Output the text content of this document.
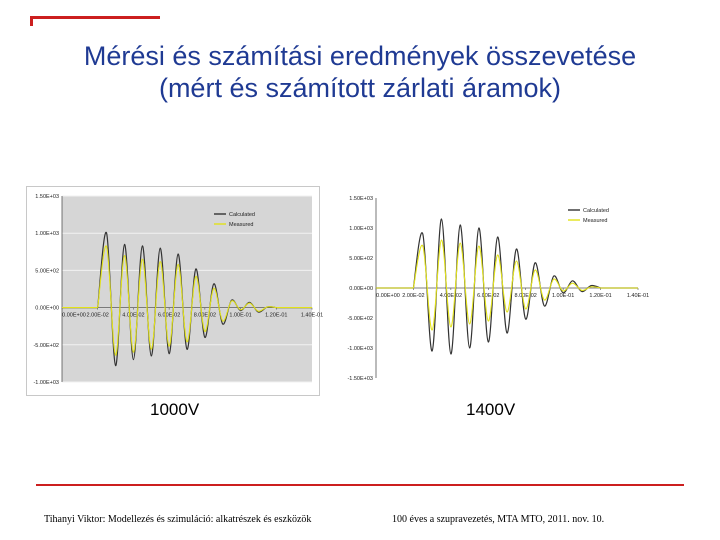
Mérési és számítási eredmények összevetése
(mért és számított zárlati áramok)
1.50E+03
1.00E+03
5.00E+02
0.00E+00
-5.00E+02
-1.00E+03
0.00E+00 2.00E-02 4.00E-02 6.00E-02 8.00E-02 1.00E-01 1.20E-01 1.40E-01
Calculated
Measured
1.50E+03
1.00E+03
5.00E+02
0.00E+00
-5.00E+02
-1.00E+03
-1.50E+03
0.00E+00 2.00E-02	4.00E-02	6.00E-02	8.00E-02	1.00E-01	1.20E-01	1.40E-01
Calculated
Measured
1000V	1400V
Tihanyi Viktor: Modellezés és szimuláció: alkatrészek és eszközök	100 éves a szupravezetés, MTA MTO, 2011. nov. 10.
